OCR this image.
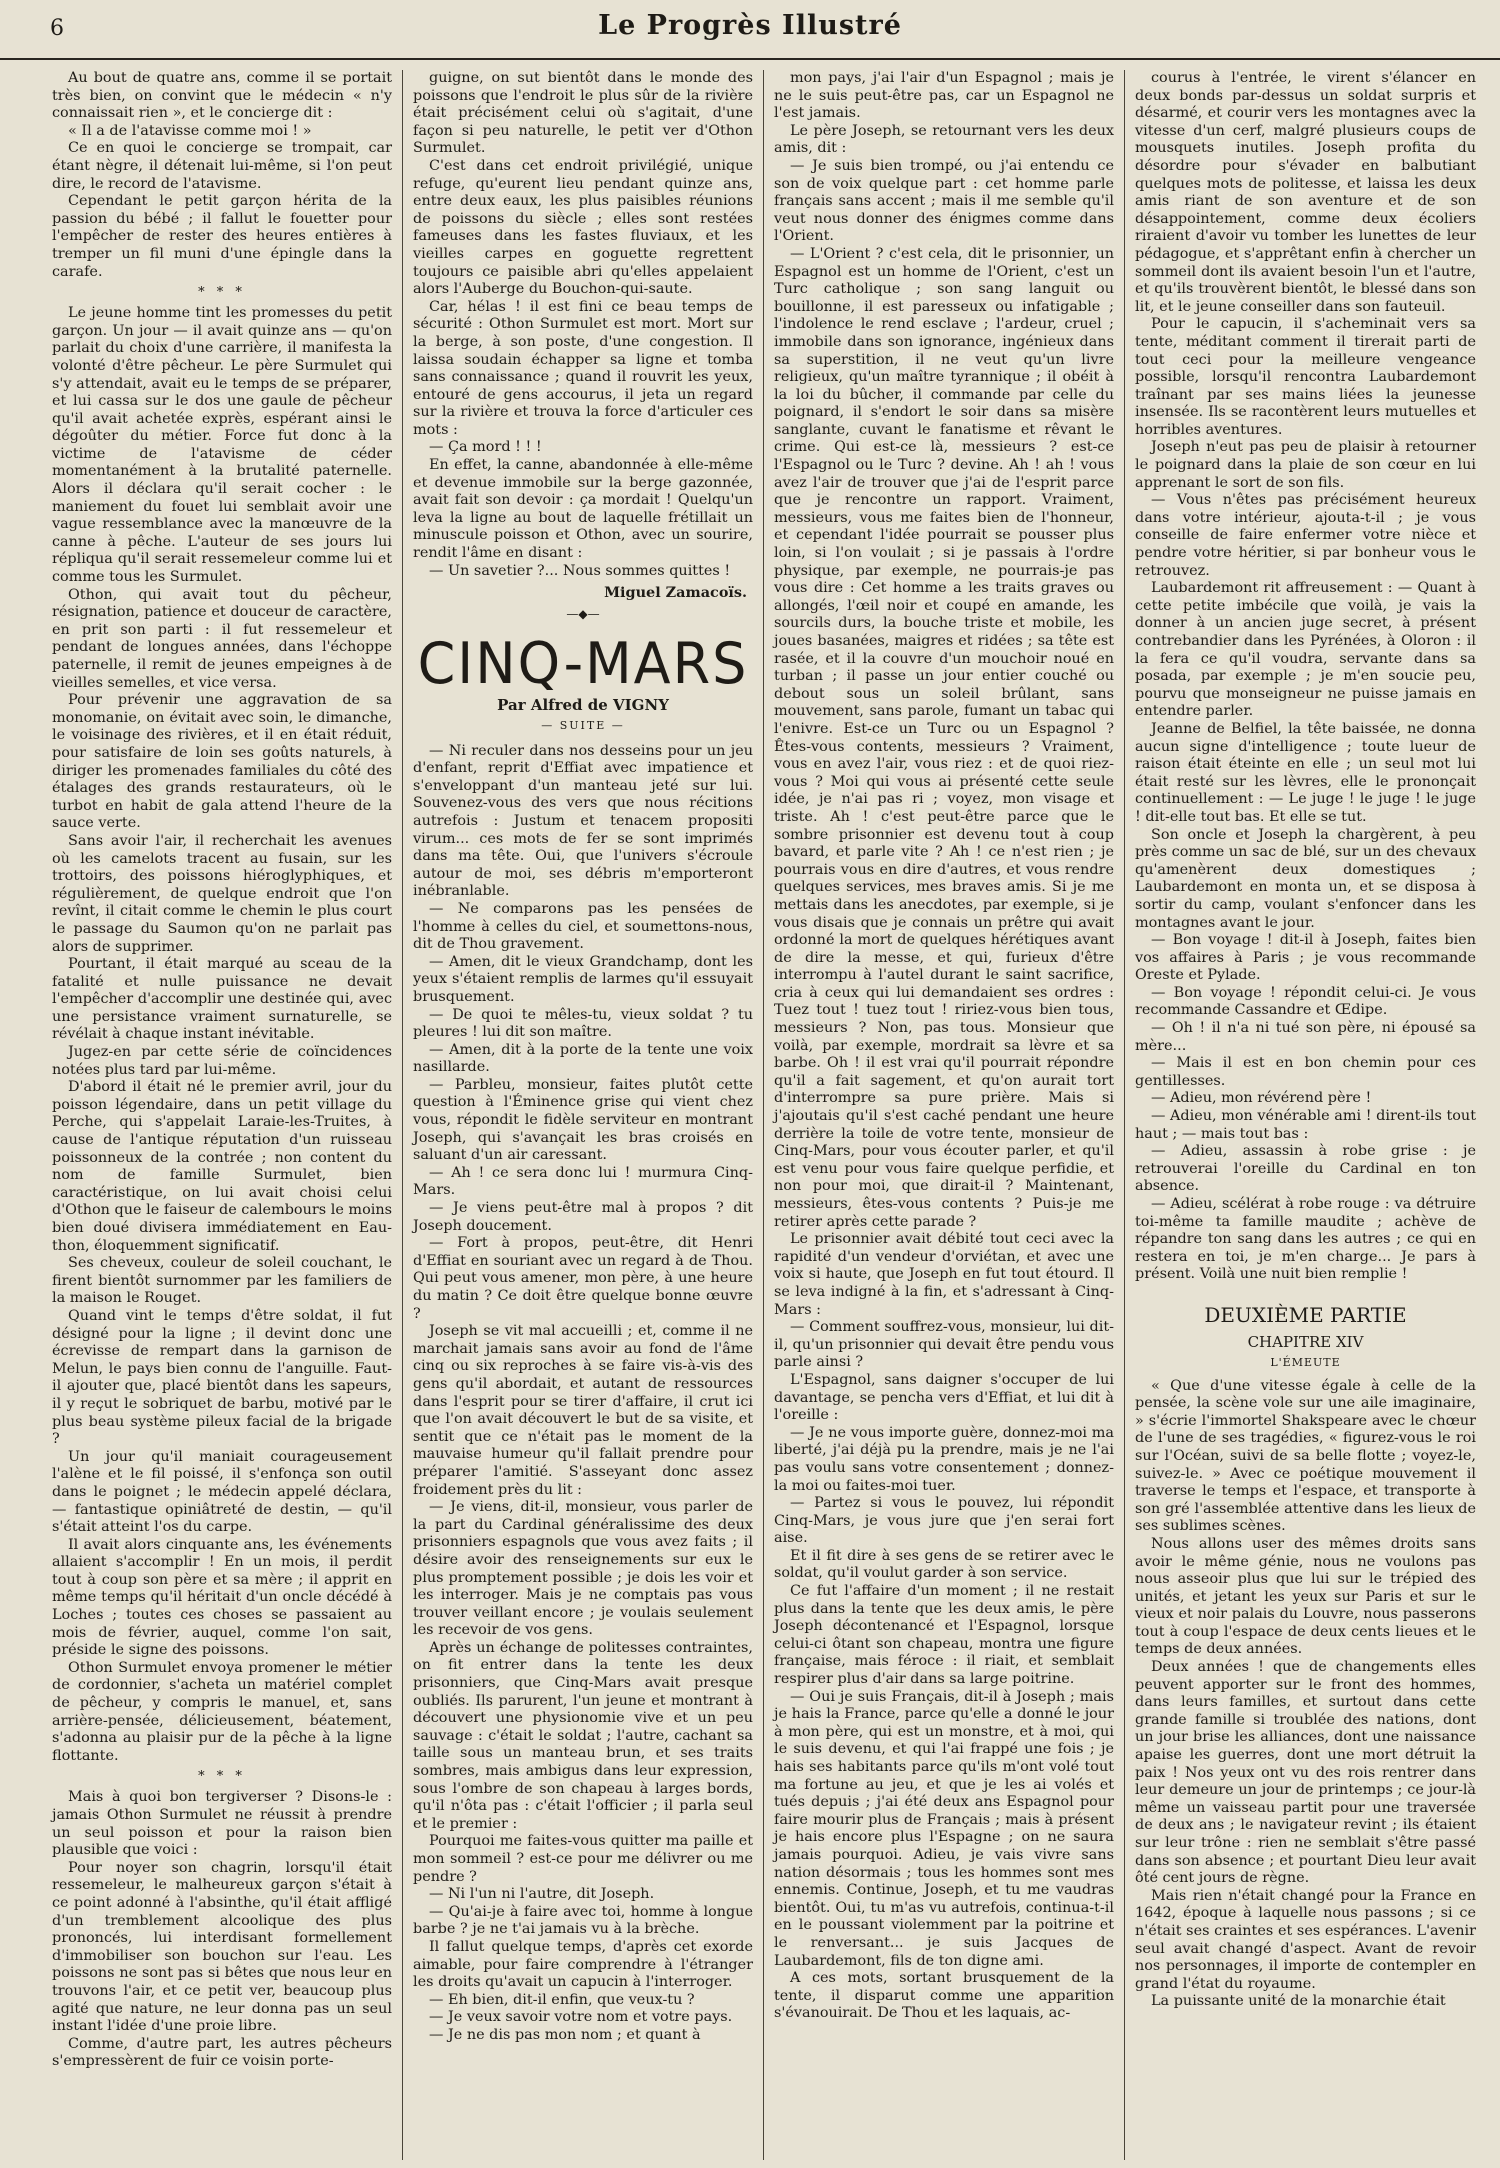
6	Le Progrès Illustré

Au bout de quatre ans, comme il se portait très bien, on convint que le médecin « n'y connaissait rien », et le concierge dit :

« Il a de l'atavisse comme moi ! »

Ce en quoi le concierge se trompait, car étant nègre, il détenait lui-même, si l'on peut dire, le record de l'atavisme.

Cependant le petit garçon hérita de la passion du bébé ; il fallut le fouetter pour l'empêcher de rester des heures entières à tremper un fil muni d'une épingle dans la carafe.

* * *

Le jeune homme tint les promesses du petit garçon. Un jour — il avait quinze ans — qu'on parlait du choix d'une carrière, il manifesta la volonté d'être pêcheur. Le père Surmulet qui s'y attendait, avait eu le temps de se préparer, et lui cassa sur le dos une gaule de pêcheur qu'il avait achetée exprès, espérant ainsi le dégoûter du métier. Force fut donc à la victime de l'atavisme de céder momentanément à la brutalité paternelle. Alors il déclara qu'il serait cocher : le maniement du fouet lui semblait avoir une vague ressemblance avec la manœuvre de la canne à pêche. L'auteur de ses jours lui répliqua qu'il serait ressemeleur comme lui et comme tous les Surmulet.

Othon, qui avait tout du pêcheur, résignation, patience et douceur de caractère, en prit son parti : il fut ressemeleur et pendant de longues années, dans l'échoppe paternelle, il remit de jeunes empeignes à de vieilles semelles, et vice versa.

Pour prévenir une aggravation de sa monomanie, on évitait avec soin, le dimanche, le voisinage des rivières, et il en était réduit, pour satisfaire de loin ses goûts naturels, à diriger les promenades familiales du côté des étalages des grands restaurateurs, où le turbot en habit de gala attend l'heure de la sauce verte.

Sans avoir l'air, il recherchait les avenues où les camelots tracent au fusain, sur les trottoirs, des poissons hiéroglyphiques, et régulièrement, de quelque endroit que l'on revînt, il citait comme le chemin le plus court le passage du Saumon qu'on ne parlait pas alors de supprimer.

Pourtant, il était marqué au sceau de la fatalité et nulle puissance ne devait l'empêcher d'accomplir une destinée qui, avec une persistance vraiment surnaturelle, se révélait à chaque instant inévitable.

Jugez-en par cette série de coïncidences notées plus tard par lui-même.

D'abord il était né le premier avril, jour du poisson légendaire, dans un petit village du Perche, qui s'appelait Laraie-les-Truites, à cause de l'antique réputation d'un ruisseau poissonneux de la contrée ; non content du nom de famille Surmulet, bien caractéristique, on lui avait choisi celui d'Othon que le faiseur de calembours le moins bien doué divisera immédiatement en Eau-thon, éloquemment significatif.

Ses cheveux, couleur de soleil couchant, le firent bientôt surnommer par les familiers de la maison le Rouget.

Quand vint le temps d'être soldat, il fut désigné pour la ligne ; il devint donc une écrevisse de rempart dans la garnison de Melun, le pays bien connu de l'anguille. Faut-il ajouter que, placé bientôt dans les sapeurs, il y reçut le sobriquet de barbu, motivé par le plus beau système pileux facial de la brigade ?

Un jour qu'il maniait courageusement l'alène et le fil poissé, il s'enfonça son outil dans le poignet ; le médecin appelé déclara, — fantastique opiniâtreté de destin, — qu'il s'était atteint l'os du carpe.

Il avait alors cinquante ans, les événements allaient s'accomplir ! En un mois, il perdit tout à coup son père et sa mère ; il apprit en même temps qu'il héritait d'un oncle décédé à Loches ; toutes ces choses se passaient au mois de février, auquel, comme l'on sait, préside le signe des poissons.

Othon Surmulet envoya promener le métier de cordonnier, s'acheta un matériel complet de pêcheur, y compris le manuel, et, sans arrière-pensée, délicieusement, béatement, s'adonna au plaisir pur de la pêche à la ligne flottante.

* * *

Mais à quoi bon tergiverser ? Disons-le : jamais Othon Surmulet ne réussit à prendre un seul poisson et pour la raison bien plausible que voici :

Pour noyer son chagrin, lorsqu'il était ressemeleur, le malheureux garçon s'était à ce point adonné à l'absinthe, qu'il était affligé d'un tremblement alcoolique des plus prononcés, lui interdisant formellement d'immobiliser son bouchon sur l'eau. Les poissons ne sont pas si bêtes que nous leur en trouvons l'air, et ce petit ver, beaucoup plus agité que nature, ne leur donna pas un seul instant l'idée d'une proie libre.

Comme, d'autre part, les autres pêcheurs s'empressèrent de fuir ce voisin porte-

guigne, on sut bientôt dans le monde des poissons que l'endroit le plus sûr de la rivière était précisément celui où s'agitait, d'une façon si peu naturelle, le petit ver d'Othon Surmulet.

C'est dans cet endroit privilégié, unique refuge, qu'eurent lieu pendant quinze ans, entre deux eaux, les plus paisibles réunions de poissons du siècle ; elles sont restées fameuses dans les fastes fluviaux, et les vieilles carpes en goguette regrettent toujours ce paisible abri qu'elles appelaient alors l'Auberge du Bouchon-qui-saute.

Car, hélas ! il est fini ce beau temps de sécurité : Othon Surmulet est mort. Mort sur la berge, à son poste, d'une congestion. Il laissa soudain échapper sa ligne et tomba sans connaissance ; quand il rouvrit les yeux, entouré de gens accourus, il jeta un regard sur la rivière et trouva la force d'articuler ces mots :

— Ça mord ! ! !

En effet, la canne, abandonnée à elle-même et devenue immobile sur la berge gazonnée, avait fait son devoir : ça mordait ! Quelqu'un leva la ligne au bout de laquelle frétillait un minuscule poisson et Othon, avec un sourire, rendit l'âme en disant :

— Un savetier ?... Nous sommes quittes !

Miguel Zamacoïs.
—◆—
CINQ-MARS
Par Alfred de VIGNY
— SUITE —

— Ni reculer dans nos desseins pour un jeu d'enfant, reprit d'Effiat avec impatience et s'enveloppant d'un manteau jeté sur lui. Souvenez-vous des vers que nous récitions autrefois : Justum et tenacem propositi virum... ces mots de fer se sont imprimés dans ma tête. Oui, que l'univers s'écroule autour de moi, ses débris m'emporteront inébranlable.

— Ne comparons pas les pensées de l'homme à celles du ciel, et soumettons-nous, dit de Thou gravement.

— Amen, dit le vieux Grandchamp, dont les yeux s'étaient remplis de larmes qu'il essuyait brusquement.

— De quoi te mêles-tu, vieux soldat ? tu pleures ! lui dit son maître.

— Amen, dit à la porte de la tente une voix nasillarde.

— Parbleu, monsieur, faites plutôt cette question à l'Éminence grise qui vient chez vous, répondit le fidèle serviteur en montrant Joseph, qui s'avançait les bras croisés en saluant d'un air caressant.

— Ah ! ce sera donc lui ! murmura Cinq-Mars.

— Je viens peut-être mal à propos ? dit Joseph doucement.

— Fort à propos, peut-être, dit Henri d'Effiat en souriant avec un regard à de Thou. Qui peut vous amener, mon père, à une heure du matin ? Ce doit être quelque bonne œuvre ?

Joseph se vit mal accueilli ; et, comme il ne marchait jamais sans avoir au fond de l'âme cinq ou six reproches à se faire vis-à-vis des gens qu'il abordait, et autant de ressources dans l'esprit pour se tirer d'affaire, il crut ici que l'on avait découvert le but de sa visite, et sentit que ce n'était pas le moment de la mauvaise humeur qu'il fallait prendre pour préparer l'amitié. S'asseyant donc assez froidement près du lit :

— Je viens, dit-il, monsieur, vous parler de la part du Cardinal généralissime des deux prisonniers espagnols que vous avez faits ; il désire avoir des renseignements sur eux le plus promptement possible ; je dois les voir et les interroger. Mais je ne comptais pas vous trouver veillant encore ; je voulais seulement les recevoir de vos gens.

Après un échange de politesses contraintes, on fit entrer dans la tente les deux prisonniers, que Cinq-Mars avait presque oubliés. Ils parurent, l'un jeune et montrant à découvert une physionomie vive et un peu sauvage : c'était le soldat ; l'autre, cachant sa taille sous un manteau brun, et ses traits sombres, mais ambigus dans leur expression, sous l'ombre de son chapeau à larges bords, qu'il n'ôta pas : c'était l'officier ; il parla seul et le premier :

Pourquoi me faites-vous quitter ma paille et mon sommeil ? est-ce pour me délivrer ou me pendre ?

— Ni l'un ni l'autre, dit Joseph.

— Qu'ai-je à faire avec toi, homme à longue barbe ? je ne t'ai jamais vu à la brèche.

Il fallut quelque temps, d'après cet exorde aimable, pour faire comprendre à l'étranger les droits qu'avait un capucin à l'interroger.

— Eh bien, dit-il enfin, que veux-tu ?

— Je veux savoir votre nom et votre pays.

— Je ne dis pas mon nom ; et quant à

mon pays, j'ai l'air d'un Espagnol ; mais je ne le suis peut-être pas, car un Espagnol ne l'est jamais.

Le père Joseph, se retournant vers les deux amis, dit :

— Je suis bien trompé, ou j'ai entendu ce son de voix quelque part : cet homme parle français sans accent ; mais il me semble qu'il veut nous donner des énigmes comme dans l'Orient.

— L'Orient ? c'est cela, dit le prisonnier, un Espagnol est un homme de l'Orient, c'est un Turc catholique ; son sang languit ou bouillonne, il est paresseux ou infatigable ; l'indolence le rend esclave ; l'ardeur, cruel ; immobile dans son ignorance, ingénieux dans sa superstition, il ne veut qu'un livre religieux, qu'un maître tyrannique ; il obéit à la loi du bûcher, il commande par celle du poignard, il s'endort le soir dans sa misère sanglante, cuvant le fanatisme et rêvant le crime. Qui est-ce là, messieurs ? est-ce l'Espagnol ou le Turc ? devine. Ah ! ah ! vous avez l'air de trouver que j'ai de l'esprit parce que je rencontre un rapport. Vraiment, messieurs, vous me faites bien de l'honneur, et cependant l'idée pourrait se pousser plus loin, si l'on voulait ; si je passais à l'ordre physique, par exemple, ne pourrais-je pas vous dire : Cet homme a les traits graves ou allongés, l'œil noir et coupé en amande, les sourcils durs, la bouche triste et mobile, les joues basanées, maigres et ridées ; sa tête est rasée, et il la couvre d'un mouchoir noué en turban ; il passe un jour entier couché ou debout sous un soleil brûlant, sans mouvement, sans parole, fumant un tabac qui l'enivre. Est-ce un Turc ou un Espagnol ? Êtes-vous contents, messieurs ? Vraiment, vous en avez l'air, vous riez : et de quoi riez-vous ? Moi qui vous ai présenté cette seule idée, je n'ai pas ri ; voyez, mon visage et triste. Ah ! c'est peut-être parce que le sombre prisonnier est devenu tout à coup bavard, et parle vite ? Ah ! ce n'est rien ; je pourrais vous en dire d'autres, et vous rendre quelques services, mes braves amis. Si je me mettais dans les anecdotes, par exemple, si je vous disais que je connais un prêtre qui avait ordonné la mort de quelques hérétiques avant de dire la messe, et qui, furieux d'être interrompu à l'autel durant le saint sacrifice, cria à ceux qui lui demandaient ses ordres : Tuez tout ! tuez tout ! ririez-vous bien tous, messieurs ? Non, pas tous. Monsieur que voilà, par exemple, mordrait sa lèvre et sa barbe. Oh ! il est vrai qu'il pourrait répondre qu'il a fait sagement, et qu'on aurait tort d'interrompre sa pure prière. Mais si j'ajoutais qu'il s'est caché pendant une heure derrière la toile de votre tente, monsieur de Cinq-Mars, pour vous écouter parler, et qu'il est venu pour vous faire quelque perfidie, et non pour moi, que dirait-il ? Maintenant, messieurs, êtes-vous contents ? Puis-je me retirer après cette parade ?

Le prisonnier avait débité tout ceci avec la rapidité d'un vendeur d'orviétan, et avec une voix si haute, que Joseph en fut tout étourd. Il se leva indigné à la fin, et s'adressant à Cinq-Mars :

— Comment souffrez-vous, monsieur, lui dit-il, qu'un prisonnier qui devait être pendu vous parle ainsi ?

L'Espagnol, sans daigner s'occuper de lui davantage, se pencha vers d'Effiat, et lui dit à l'oreille :

— Je ne vous importe guère, donnez-moi ma liberté, j'ai déjà pu la prendre, mais je ne l'ai pas voulu sans votre consentement ; donnez-la moi ou faites-moi tuer.

— Partez si vous le pouvez, lui répondit Cinq-Mars, je vous jure que j'en serai fort aise.

Et il fit dire à ses gens de se retirer avec le soldat, qu'il voulut garder à son service.

Ce fut l'affaire d'un moment ; il ne restait plus dans la tente que les deux amis, le père Joseph décontenancé et l'Espagnol, lorsque celui-ci ôtant son chapeau, montra une figure française, mais féroce : il riait, et semblait respirer plus d'air dans sa large poitrine.

— Oui je suis Français, dit-il à Joseph ; mais je hais la France, parce qu'elle a donné le jour à mon père, qui est un monstre, et à moi, qui le suis devenu, et qui l'ai frappé une fois ; je hais ses habitants parce qu'ils m'ont volé tout ma fortune au jeu, et que je les ai volés et tués depuis ; j'ai été deux ans Espagnol pour faire mourir plus de Français ; mais à présent je hais encore plus l'Espagne ; on ne saura jamais pourquoi. Adieu, je vais vivre sans nation désormais ; tous les hommes sont mes ennemis. Continue, Joseph, et tu me vaudras bientôt. Oui, tu m'as vu autrefois, continua-t-il en le poussant violemment par la poitrine et le renversant... je suis Jacques de Laubardemont, fils de ton digne ami.

A ces mots, sortant brusquement de la tente, il disparut comme une apparition s'évanouirait. De Thou et les laquais, ac-

courus à l'entrée, le virent s'élancer en deux bonds par-dessus un soldat surpris et désarmé, et courir vers les montagnes avec la vitesse d'un cerf, malgré plusieurs coups de mousquets inutiles. Joseph profita du désordre pour s'évader en balbutiant quelques mots de politesse, et laissa les deux amis riant de son aventure et de son désappointement, comme deux écoliers riraient d'avoir vu tomber les lunettes de leur pédagogue, et s'apprêtant enfin à chercher un sommeil dont ils avaient besoin l'un et l'autre, et qu'ils trouvèrent bientôt, le blessé dans son lit, et le jeune conseiller dans son fauteuil.

Pour le capucin, il s'acheminait vers sa tente, méditant comment il tirerait parti de tout ceci pour la meilleure vengeance possible, lorsqu'il rencontra Laubardemont traînant par ses mains liées la jeunesse insensée. Ils se racontèrent leurs mutuelles et horribles aventures.

Joseph n'eut pas peu de plaisir à retourner le poignard dans la plaie de son cœur en lui apprenant le sort de son fils.

— Vous n'êtes pas précisément heureux dans votre intérieur, ajouta-t-il ; je vous conseille de faire enfermer votre nièce et pendre votre héritier, si par bonheur vous le retrouvez.

Laubardemont rit affreusement : — Quant à cette petite imbécile que voilà, je vais la donner à un ancien juge secret, à présent contrebandier dans les Pyrénées, à Oloron : il la fera ce qu'il voudra, servante dans sa posada, par exemple ; je m'en soucie peu, pourvu que monseigneur ne puisse jamais en entendre parler.

Jeanne de Belfiel, la tête baissée, ne donna aucun signe d'intelligence ; toute lueur de raison était éteinte en elle ; un seul mot lui était resté sur les lèvres, elle le prononçait continuellement : — Le juge ! le juge ! le juge ! dit-elle tout bas. Et elle se tut.

Son oncle et Joseph la chargèrent, à peu près comme un sac de blé, sur un des chevaux qu'amenèrent deux domestiques ; Laubardemont en monta un, et se disposa à sortir du camp, voulant s'enfoncer dans les montagnes avant le jour.

— Bon voyage ! dit-il à Joseph, faites bien vos affaires à Paris ; je vous recommande Oreste et Pylade.

— Bon voyage ! répondit celui-ci. Je vous recommande Cassandre et Œdipe.

— Oh ! il n'a ni tué son père, ni épousé sa mère...

— Mais il est en bon chemin pour ces gentillesses.

— Adieu, mon révérend père !

— Adieu, mon vénérable ami ! dirent-ils tout haut ; — mais tout bas :

— Adieu, assassin à robe grise : je retrouverai l'oreille du Cardinal en ton absence.

— Adieu, scélérat à robe rouge : va détruire toi-même ta famille maudite ; achève de répandre ton sang dans les autres ; ce qui en restera en toi, je m'en charge... Je pars à présent. Voilà une nuit bien remplie !

DEUXIÈME PARTIE
CHAPITRE XIV
L'ÉMEUTE

« Que d'une vitesse égale à celle de la pensée, la scène vole sur une aile imaginaire, » s'écrie l'immortel Shakspeare avec le chœur de l'une de ses tragédies, « figurez-vous le roi sur l'Océan, suivi de sa belle flotte ; voyez-le, suivez-le. » Avec ce poétique mouvement il traverse le temps et l'espace, et transporte à son gré l'assemblée attentive dans les lieux de ses sublimes scènes.

Nous allons user des mêmes droits sans avoir le même génie, nous ne voulons pas nous asseoir plus que lui sur le trépied des unités, et jetant les yeux sur Paris et sur le vieux et noir palais du Louvre, nous passerons tout à coup l'espace de deux cents lieues et le temps de deux années.

Deux années ! que de changements elles peuvent apporter sur le front des hommes, dans leurs familles, et surtout dans cette grande famille si troublée des nations, dont un jour brise les alliances, dont une naissance apaise les guerres, dont une mort détruit la paix ! Nos yeux ont vu des rois rentrer dans leur demeure un jour de printemps ; ce jour-là même un vaisseau partit pour une traversée de deux ans ; le navigateur revint ; ils étaient sur leur trône : rien ne semblait s'être passé dans son absence ; et pourtant Dieu leur avait ôté cent jours de règne.

Mais rien n'était changé pour la France en 1642, époque à laquelle nous passons ; si ce n'était ses craintes et ses espérances. L'avenir seul avait changé d'aspect. Avant de revoir nos personnages, il importe de contempler en grand l'état du royaume.

La puissante unité de la monarchie était
